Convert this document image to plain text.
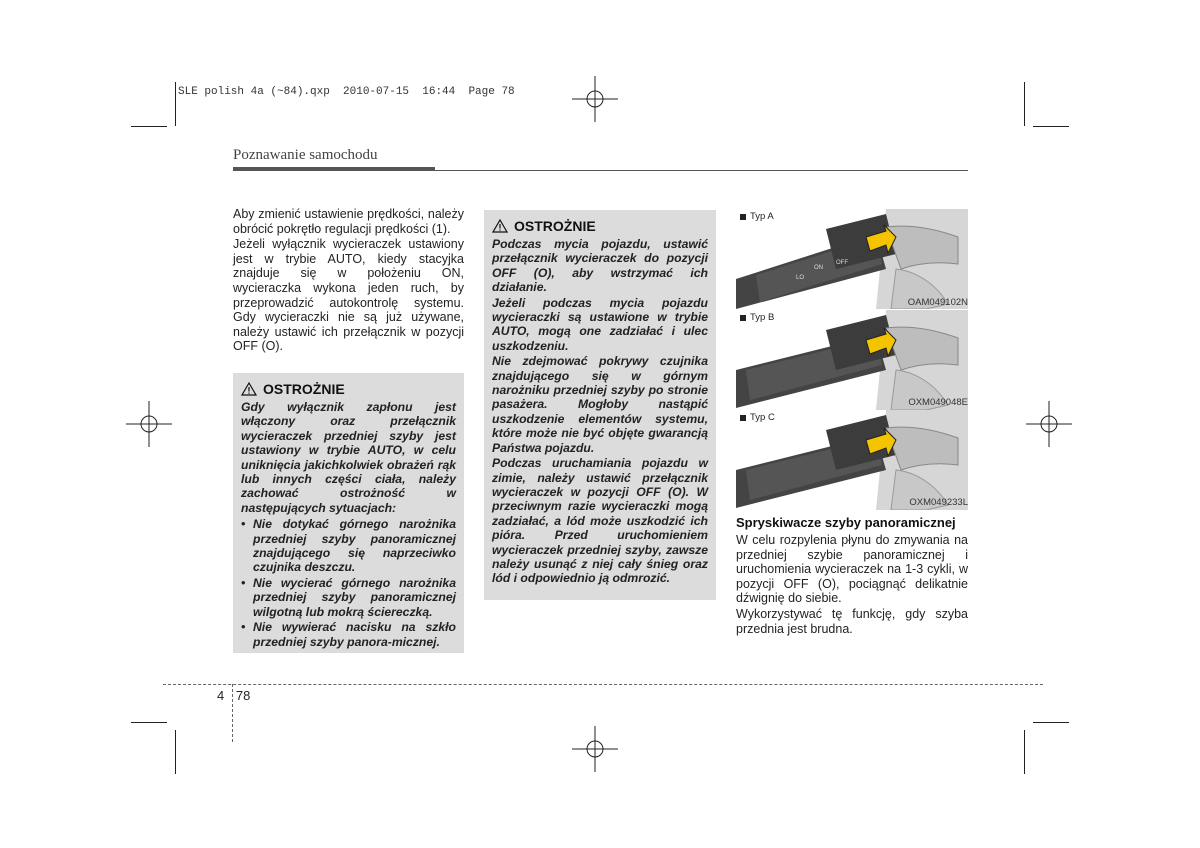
SLE polish 4a (~84).qxp  2010-07-15  16:44  Page 78
Poznawanie samochodu

Aby zmienić ustawienie prędkości, należy obrócić pokrętło regulacji prędkości (1).

Jeżeli wyłącznik wycieraczek ustawiony jest w trybie AUTO, kiedy stacyjka znajduje się w położeniu ON, wycieraczka wykona jeden ruch, by przeprowadzić autokontrolę systemu. Gdy wycieraczki nie są już używane, należy ustawić ich przełącznik w pozycji OFF (O).

OSTROŻNIE

Gdy wyłącznik zapłonu jest włączony oraz przełącznik wycieraczek przedniej szyby jest ustawiony w trybie AUTO, w celu uniknięcia jakichkolwiek obrażeń rąk lub innych części ciała, należy zachować ostrożność w następujących sytuacjach:

• Nie dotykać górnego narożnika przedniej szyby panoramicznej znajdującego się naprzeciwko czujnika deszczu.
• Nie wycierać górnego narożnika przedniej szyby panoramicznej wilgotną lub mokrą ściereczką.
• Nie wywierać nacisku na szkło przedniej szyby panora-micznej.
OSTROŻNIE

Podczas mycia pojazdu, ustawić przełącznik wycieraczek do pozycji OFF (O), aby wstrzymać ich działanie.

Jeżeli podczas mycia pojazdu wycieraczki są ustawione w trybie AUTO, mogą one zadziałać i ulec uszkodzeniu.

Nie zdejmować pokrywy czujnika znajdującego się w górnym narożniku przedniej szyby po stronie pasażera. Mogłoby nastąpić uszkodzenie elementów systemu, które może nie być objęte gwarancją Państwa pojazdu.

Podczas uruchamiania pojazdu w zimie, należy ustawić przełącznik wycieraczek w pozycji OFF (O). W przeciwnym razie wycieraczki mogą zadziałać, a lód może uszkodzić ich pióra. Przed uruchomieniem wycieraczek przedniej szyby, zawsze należy usunąć z niej cały śnieg oraz lód i odpowiednio ją odmrozić.

Typ A
LO
ON
OFF
OAM049102N
Typ B
OXM049048E
Typ C
OXM049233L
Spryskiwacze szyby panoramicznej

W celu rozpylenia płynu do zmywania na przedniej szybie panoramicznej i uruchomienia wycieraczek na 1-3 cykli, w pozycji OFF (O), pociągnąć delikatnie dźwignię do siebie.

Wykorzystywać tę funkcję, gdy szyba przednia jest brudna.

4 78
